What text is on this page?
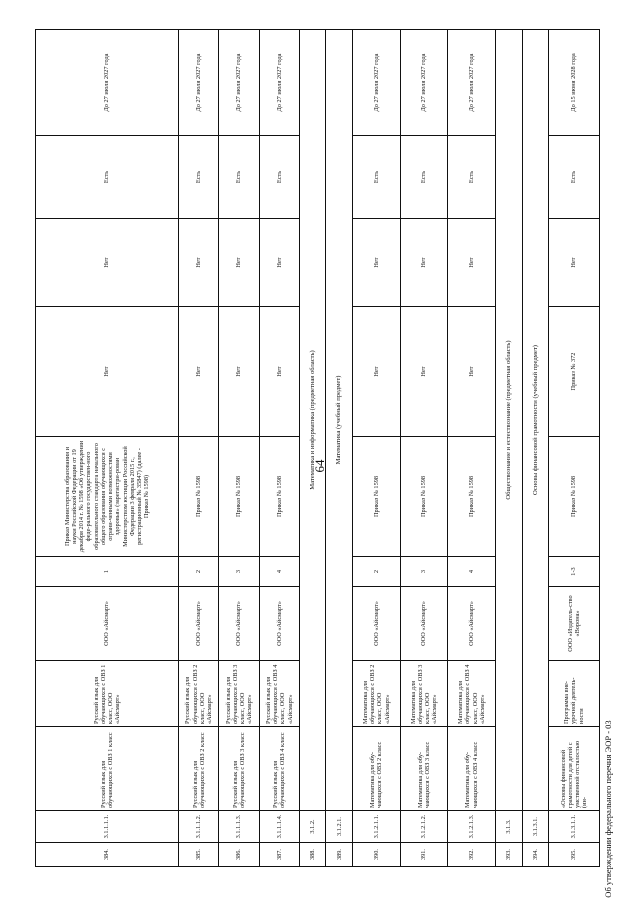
64
384.	3.1.1.1.1.	Русский язык для обучающихся с ОВЗ 1 класс	Русский язык для обучающихся с ОВЗ 1 класс, ООО «Айсмарт»	ООО «Айсмарт»	1	Приказ Министерства образования и науки Российской Федерации от 19 декабря 2014 г. № 1598 «Об утверждении феде-рального государствен-ного образовательного стандарта начального общего образования обучающихся с ограни-ченными возможностями здоровья» (зарегистри-рован Министерством юстиции Российской Федерации 3 февраля 2015 г., регистрационный № 35847) (далее - Приказ № 1598)	Нет	Нет	Есть	До 27 июля 2027 года
385.	3.1.1.1.2.	Русский язык для обучающихся с ОВЗ 2 класс	Русский язык для обучающихся с ОВЗ 2 класс, ООО «Айсмарт»	ООО «Айсмарт»	2	Приказ № 1598	Нет	Нет	Есть	До 27 июля 2027 года
386.	3.1.1.1.3.	Русский язык для обучающихся с ОВЗ 3 класс	Русский язык для обучающихся с ОВЗ 3 класс, ООО «Айсмарт»	ООО «Айсмарт»	3	Приказ № 1598	Нет	Нет	Есть	До 27 июля 2027 года
387.	3.1.1.1.4.	Русский язык для обучающихся с ОВЗ 4 класс	Русский язык для обучающихся с ОВЗ 4 класс, ООО «Айсмарт»	ООО «Айсмарт»	4	Приказ № 1598	Нет	Нет	Есть	До 27 июля 2027 года
388.	3.1.2.	Математика и информатика (предметная область)								
389.	3.1.2.1.	Математика (учебный предмет)								
390.	3.1.2.1.1.	Математика для обу-чающихся с ОВЗ 2 класс	Математика для обучающихся с ОВЗ 2 класс, ООО «Айсмарт»	ООО «Айсмарт»	2	Приказ № 1598	Нет	Нет	Есть	До 27 июля 2027 года
391.	3.1.2.1.2.	Математика для обу-чающихся с ОВЗ 3 класс	Математика для обучающихся с ОВЗ 3 класс, ООО «Айсмарт»	ООО «Айсмарт»	3	Приказ № 1598	Нет	Нет	Есть	До 27 июля 2027 года
392.	3.1.2.1.3.	Математика для обу-чающихся с ОВЗ 4 класс	Математика для обучающихся с ОВЗ 4 класс, ООО «Айсмарт»	ООО «Айсмарт»	4	Приказ № 1598	Нет	Нет	Есть	До 27 июля 2027 года
393.	3.1.3.	Обществознание и естествознание (предметная область)								
394.	3.1.3.1.	Основы финансовой грамотности (учебный предмет)								
395.	3.1.3.1.1.	«Основы финансовой грамотности для детей с умственной отсталостью (ин-	Программа вне-урочной деятель-ности	ООО «Издатель-ство «Ворона»	1-3	Приказ № 1598	Приказ № 372	Нет	Есть	До 15 июня 2028 года
Об утверждении федерального перечня ЭОР - 03
